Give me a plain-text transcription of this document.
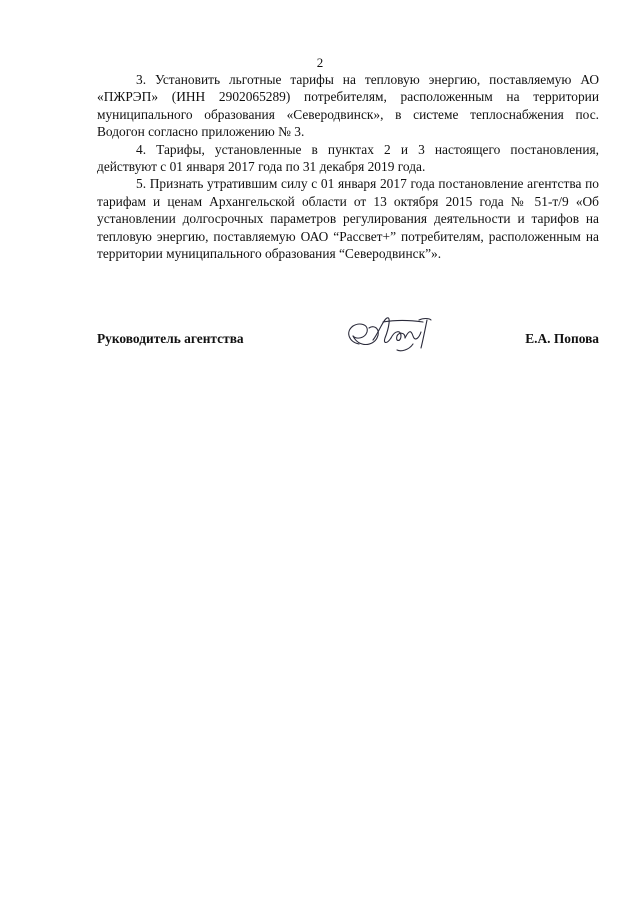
2

3. Установить льготные тарифы на тепловую энергию, поставляемую АО «ПЖРЭП» (ИНН 2902065289) потребителям, расположенным на территории муниципального образования «Северодвинск», в системе теплоснабжения пос. Водогон согласно приложению № 3.

4. Тарифы, установленные в пунктах 2 и 3 настоящего постановления, действуют с 01 января 2017 года по 31 декабря 2019 года.

5. Признать утратившим силу с 01 января 2017 года постановление агентства по тарифам и ценам Архангельской области от 13 октября 2015 года № 51-т/9 «Об установлении долгосрочных параметров регулирования деятельности и тарифов на тепловую энергию, поставляемую ОАО “Рассвет+” потребителям, расположенным на территории муниципального образования “Северодвинск”».

Руководитель агентства	Е.А. Попова
